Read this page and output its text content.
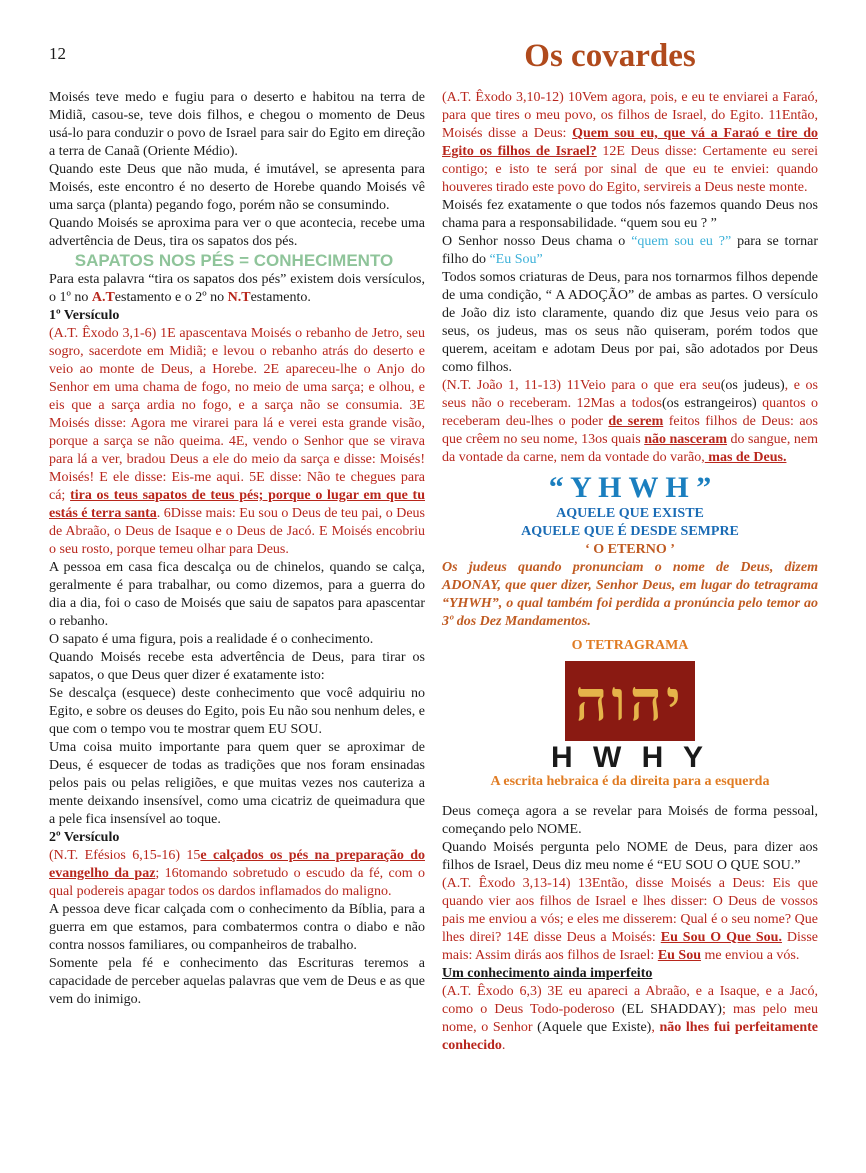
12	Os covardes

Moisés teve medo e fugiu para o deserto e habitou na terra de Midiã, casou-se, teve dois filhos, e chegou o momento de Deus usá-lo para conduzir o povo de Israel para sair do Egito em direção a terra de Canaã (Oriente Médio).

Quando este Deus que não muda, é imutável, se apresenta para Moisés, este encontro é no deserto de Horebe quando Moisés vê uma sarça (planta) pegando fogo, porém não se consumindo.

Quando Moisés se aproxima para ver o que acontecia, recebe uma advertência de Deus, tira os sapatos dos pés.

SAPATOS NOS PÉS = CONHECIMENTO

Para esta palavra “tira os sapatos dos pés” existem dois versículos, o 1º no A.Testamento e o 2º no N.Testamento.

1º Versículo

(A.T. Êxodo 3,1-6) 1E apascentava Moisés o rebanho de Jetro, seu sogro, sacerdote em Midiã; e levou o rebanho atrás do deserto e veio ao monte de Deus, a Horebe. 2E apareceu-lhe o Anjo do Senhor em uma chama de fogo, no meio de uma sarça; e olhou, e eis que a sarça ardia no fogo, e a sarça não se consumia. 3E Moisés disse: Agora me virarei para lá e verei esta grande visão, porque a sarça se não queima. 4E, vendo o Senhor que se virava para lá a ver, bradou Deus a ele do meio da sarça e disse: Moisés! Moisés! E ele disse: Eis-me aqui. 5E disse: Não te chegues para cá; tira os teus sapatos de teus pés; porque o lugar em que tu estás é terra santa. 6Disse mais: Eu sou o Deus de teu pai, o Deus de Abraão, o Deus de Isaque e o Deus de Jacó. E Moisés encobriu o seu rosto, porque temeu olhar para Deus.

A pessoa em casa fica descalça ou de chinelos, quando se calça, geralmente é para trabalhar, ou como dizemos, para a guerra do dia a dia, foi o caso de Moisés que saiu de sapatos para apascentar o rebanho.

O sapato é uma figura, pois a realidade é o conhecimento.

Quando Moisés recebe esta advertência de Deus, para tirar os sapatos, o que Deus quer dizer é exatamente isto:

Se descalça (esquece) deste conhecimento que você adquiriu no Egito, e sobre os deuses do Egito, pois Eu não sou nenhum deles, e que com o tempo vou te mostrar quem EU SOU.

Uma coisa muito importante para quem quer se aproximar de Deus, é esquecer de todas as tradições que nos foram ensinadas pelos pais ou pelas religiões, e que muitas vezes nos cauteriza a mente deixando insensível, como uma cicatriz de queimadura que a pele fica insensível ao toque.

2º Versículo

(N.T. Efésios 6,15-16) 15e calçados os pés na preparação do evangelho da paz; 16tomando sobretudo o escudo da fé, com o qual podereis apagar todos os dardos inflamados do maligno.

A pessoa deve ficar calçada com o conhecimento da Bíblia, para a guerra em que estamos, para combatermos contra o diabo e não contra nossos familiares, ou companheiros de trabalho.

Somente pela fé e conhecimento das Escrituras teremos a capacidade de perceber aquelas palavras que vem de Deus e as que vem do inimigo.

(A.T. Êxodo 3,10-12) 10Vem agora, pois, e eu te enviarei a Faraó, para que tires o meu povo, os filhos de Israel, do Egito. 11Então, Moisés disse a Deus: Quem sou eu, que vá a Faraó e tire do Egito os filhos de Israel? 12E Deus disse: Certamente eu serei contigo; e isto te será por sinal de que eu te enviei: quando houveres tirado este povo do Egito, servireis a Deus neste monte.

Moisés fez exatamente o que todos nós fazemos quando Deus nos chama para a responsabilidade. “quem sou eu ? ”

O Senhor nosso Deus chama o “quem sou eu ?” para se tornar filho do “Eu Sou”

Todos somos criaturas de Deus, para nos tornarmos filhos depende de uma condição, “ A ADOÇÃO” de ambas as partes. O versículo de João diz isto claramente, quando diz que Jesus veio para os seus, os judeus, mas os seus não quiseram, porém todos que querem, aceitam e adotam Deus por pai, são adotados por Deus como filhos.

(N.T. João 1, 11-13) 11Veio para o que era seu(os judeus), e os seus não o receberam. 12Mas a todos(os estrangeiros) quantos o receberam deu-lhes o poder de serem feitos filhos de Deus: aos que crêem no seu nome, 13os quais não nasceram do sangue, nem da vontade da carne, nem da vontade do varão, mas de Deus.

“ Y H W H ”
AQUELE QUE EXISTE
AQUELE QUE É DESDE SEMPRE
‘ O ETERNO ’

Os judeus quando pronunciam o nome de Deus, dizem ADONAY, que quer dizer, Senhor Deus, em lugar do tetragrama “YHWH”, o qual também foi perdida a pronúncia pelo temor ao 3º dos Dez Mandamentos.

O TETRAGRAMA
יהוה
H W H Y
A escrita hebraica é da direita para a esquerda

Deus começa agora a se revelar para Moisés de forma pessoal, começando pelo NOME.

Quando Moisés pergunta pelo NOME de Deus, para dizer aos filhos de Israel, Deus diz meu nome é “EU SOU O QUE SOU.”

(A.T. Êxodo 3,13-14) 13Então, disse Moisés a Deus: Eis que quando vier aos filhos de Israel e lhes disser: O Deus de vossos pais me enviou a vós; e eles me disserem: Qual é o seu nome? Que lhes direi? 14E disse Deus a Moisés: Eu Sou O Que Sou. Disse mais: Assim dirás aos filhos de Israel: Eu Sou me enviou a vós.

Um conhecimento ainda imperfeito

(A.T. Êxodo 6,3) 3E eu apareci a Abraão, e a Isaque, e a Jacó, como o Deus Todo-poderoso (EL SHADDAY); mas pelo meu nome, o Senhor (Aquele que Existe), não lhes fui perfeitamente conhecido.
